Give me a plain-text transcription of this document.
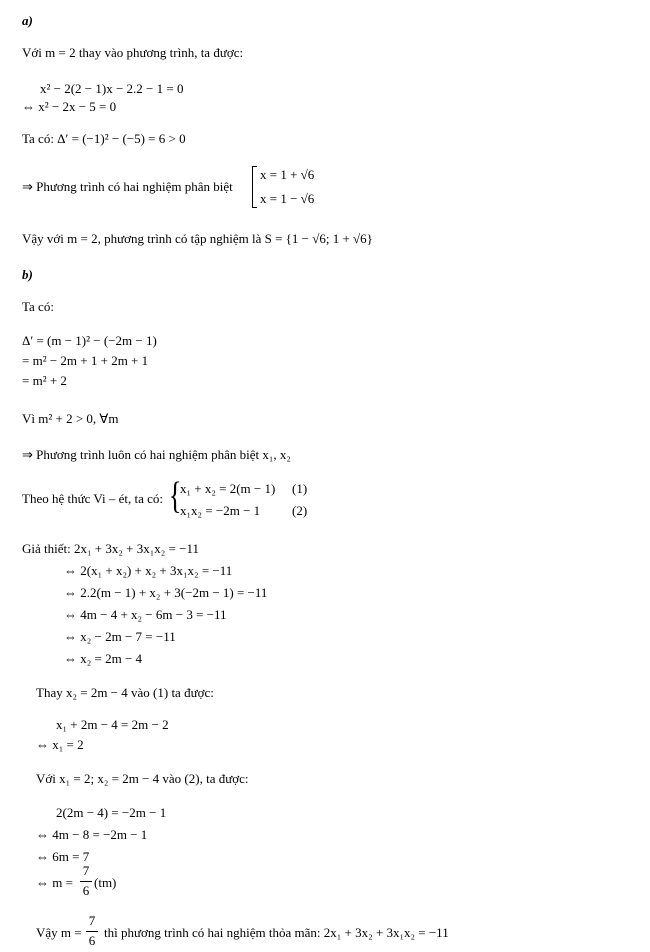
a)
Với m = 2 thay vào phương trình, ta được:
x² − 2(2 − 1)x − 2.2 − 1 = 0
⇔ x² − 2x − 5 = 0
Ta có: Δ′ = (−1)² − (−5) = 6 > 0
⇒ Phương trình có hai nghiệm phân biệt
x = 1 + √6
x = 1 − √6
Vậy với m = 2, phương trình có tập nghiệm là S = {1 − √6; 1 + √6}
b)
Ta có:
Δ′ = (m − 1)² − (−2m − 1)
= m² − 2m + 1 + 2m + 1
= m² + 2
Vì m² + 2 > 0, ∀m
⇒ Phương trình luôn có hai nghiệm phân biệt x₁, x₂
Theo hệ thức Vi – ét, ta có: {
x₁ + x₂ = 2(m − 1) (1)
x₁x₂ = −2m − 1 (2)
Giả thiết: 2x₁ + 3x₂ + 3x₁x₂ = −11
⇔ 2(x₁ + x₂) + x₂ + 3x₁x₂ = −11
⇔ 2.2(m − 1) + x₂ + 3(−2m − 1) = −11
⇔ 4m − 4 + x₂ − 6m − 3 = −11
⇔ x₂ − 2m − 7 = −11
⇔ x₂ = 2m − 4
Thay x₂ = 2m − 4 vào (1) ta được:
x₁ + 2m − 4 = 2m − 2
⇔ x₁ = 2
Với x₁ = 2; x₂ = 2m − 4 vào (2), ta được:
2(2m − 4) = −2m − 1
⇔ 4m − 8 = −2m − 1
⇔ 6m = 7
⇔ m =
7
6
(tm)
Vậy m =
7
6
thì phương trình có hai nghiệm thỏa mãn: 2x₁ + 3x₂ + 3x₁x₂ = −11
